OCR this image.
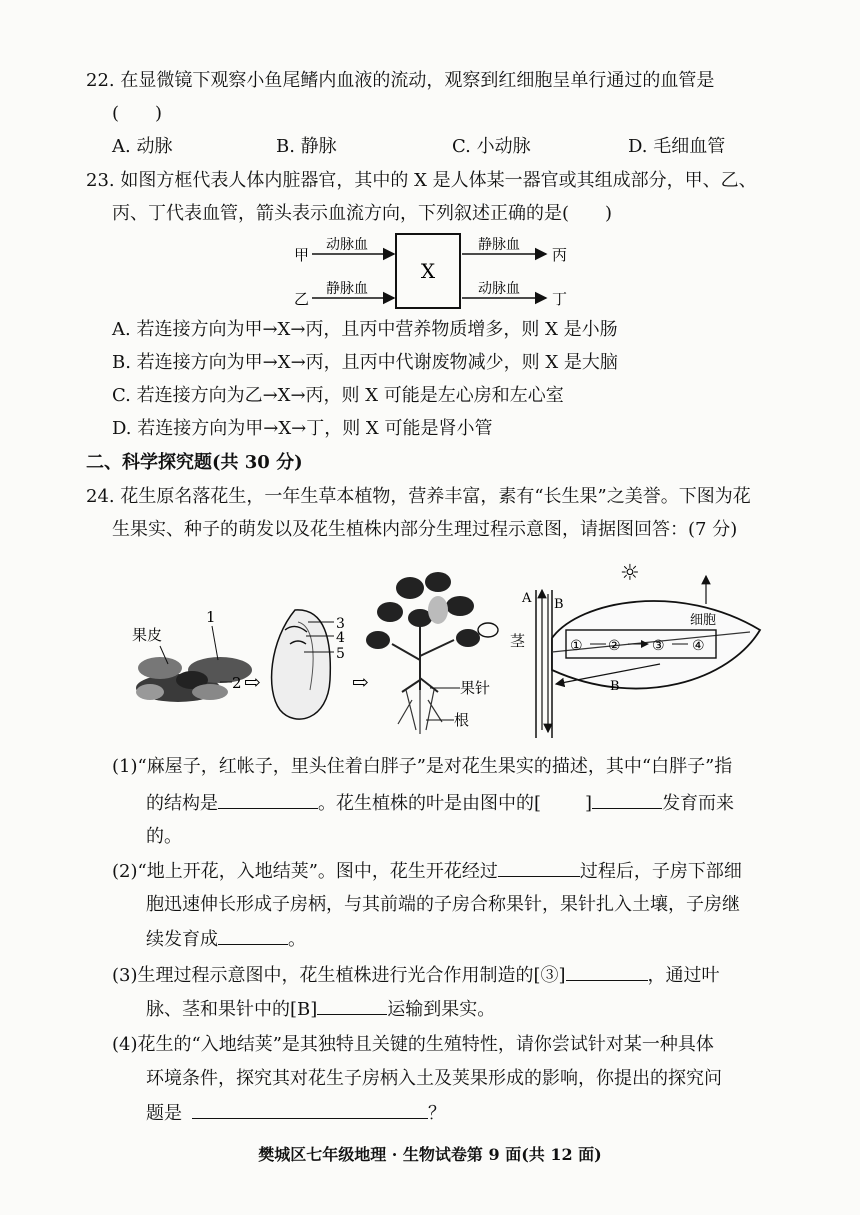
22. 在显微镜下观察小鱼尾鳍内血液的流动，观察到红细胞呈单行通过的血管是
(　　)
A. 动脉	B. 静脉	C. 小动脉	D. 毛细血管
23. 如图方框代表人体内脏器官，其中的 X 是人体某一器官或其组成部分，甲、乙、
丙、丁代表血管，箭头表示血流方向，下列叙述正确的是(　　)
X
甲
乙
动脉血
静脉血
静脉血
动脉血
丙
丁
A. 若连接方向为甲→X→丙，且丙中营养物质增多，则 X 是小肠
B. 若连接方向为甲→X→丙，且丙中代谢废物减少，则 X 是大脑
C. 若连接方向为乙→X→丙，则 X 可能是左心房和左心室
D. 若连接方向为甲→X→丁，则 X 可能是肾小管
二、科学探究题(共 30 分)
24. 花生原名落花生，一年生草本植物，营养丰富，素有“长生果”之美誉。下图为花
生果实、种子的萌发以及花生植株内部分生理过程示意图，请据图回答：(7 分)
果皮
1
2 ⇨
3
4
5
⇨	果针
根
茎
A B
☼
细胞
① ② ③ ④
B
(1)“麻屋子，红帐子，里头住着白胖子”是对花生果实的描述，其中“白胖子”指
的结构是	。花生植株的叶是由图中的[ ]	发育而来
的。
(2)“地上开花，入地结荚”。图中，花生开花经过	过程后，子房下部细
胞迅速伸长形成子房柄，与其前端的子房合称果针，果针扎入土壤，子房继
续发育成	。
(3)生理过程示意图中，花生植株进行光合作用制造的[③]	，通过叶
脉、茎和果针中的[B]	运输到果实。
(4)花生的“入地结荚”是其独特且关键的生殖特性，请你尝试针对某一种具体
环境条件，探究其对花生子房柄入土及荚果形成的影响，你提出的探究问
题是	？
樊城区七年级地理 · 生物试卷第 9 面(共 12 面)
